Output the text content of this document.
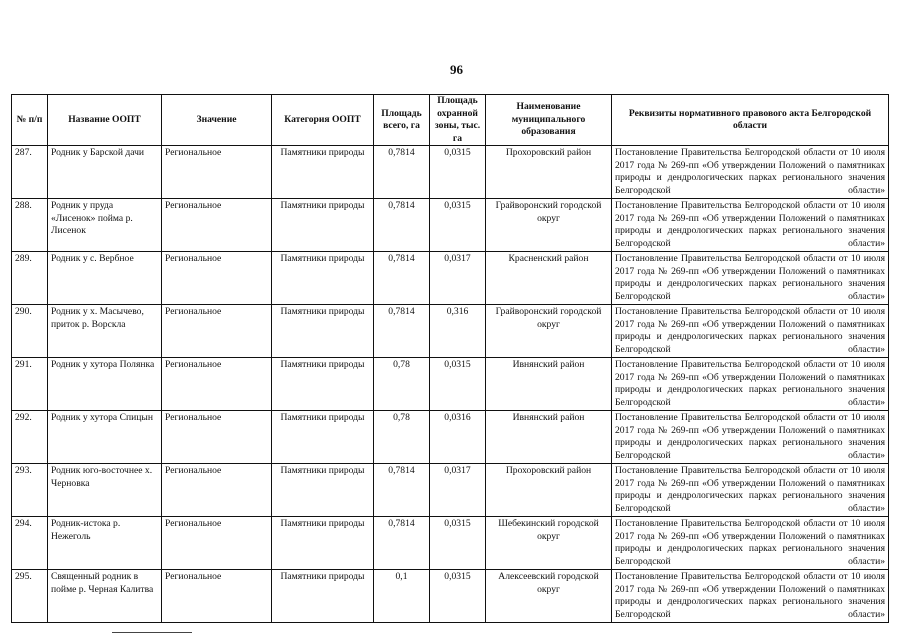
96
№ п/п	Название ООПТ	Значение	Категория ООПТ	Площадь всего, га	Площадь охранной зоны, тыс. га	Наименование муниципального образования	Реквизиты нормативного правового акта Белгородской области
287.	Родник у Барской дачи	Региональное	Памятники природы	0,7814	0,0315	Прохоровский район	Постановление Правительства Белгородской области от 10 июля 2017 года № 269-пп «Об утверждении Положений о памятниках природы и дендрологических парках регионального значения Белгородской области»
288.	Родник у пруда «Лисенок» пойма р. Лисенок	Региональное	Памятники природы	0,7814	0,0315	Грайворонский городской округ	Постановление Правительства Белгородской области от 10 июля 2017 года № 269-пп «Об утверждении Положений о памятниках природы и дендрологических парках регионального значения Белгородской области»
289.	Родник у с. Вербное	Региональное	Памятники природы	0,7814	0,0317	Красненский район	Постановление Правительства Белгородской области от 10 июля 2017 года № 269-пп «Об утверждении Положений о памятниках природы и дендрологических парках регионального значения Белгородской области»
290.	Родник у х. Масычево, приток р. Ворскла	Региональное	Памятники природы	0,7814	0,316	Грайворонский городской округ	Постановление Правительства Белгородской области от 10 июля 2017 года № 269-пп «Об утверждении Положений о памятниках природы и дендрологических парках регионального значения Белгородской области»
291.	Родник у хутора Полянка	Региональное	Памятники природы	0,78	0,0315	Ивнянский район	Постановление Правительства Белгородской области от 10 июля 2017 года № 269-пп «Об утверждении Положений о памятниках природы и дендрологических парках регионального значения Белгородской области»
292.	Родник у хутора Спицын	Региональное	Памятники природы	0,78	0,0316	Ивнянский район	Постановление Правительства Белгородской области от 10 июля 2017 года № 269-пп «Об утверждении Положений о памятниках природы и дендрологических парках регионального значения Белгородской области»
293.	Родник юго-восточнее х. Черновка	Региональное	Памятники природы	0,7814	0,0317	Прохоровский район	Постановление Правительства Белгородской области от 10 июля 2017 года № 269-пп «Об утверждении Положений о памятниках природы и дендрологических парках регионального значения Белгородской области»
294.	Родник-истока р. Нежеголь	Региональное	Памятники природы	0,7814	0,0315	Шебекинский городской округ	Постановление Правительства Белгородской области от 10 июля 2017 года № 269-пп «Об утверждении Положений о памятниках природы и дендрологических парках регионального значения Белгородской области»
295.	Священный родник в пойме р. Черная Калитва	Региональное	Памятники природы	0,1	0,0315	Алексеевский городской округ	Постановление Правительства Белгородской области от 10 июля 2017 года № 269-пп «Об утверждении Положений о памятниках природы и дендрологических парках регионального значения Белгородской области»
